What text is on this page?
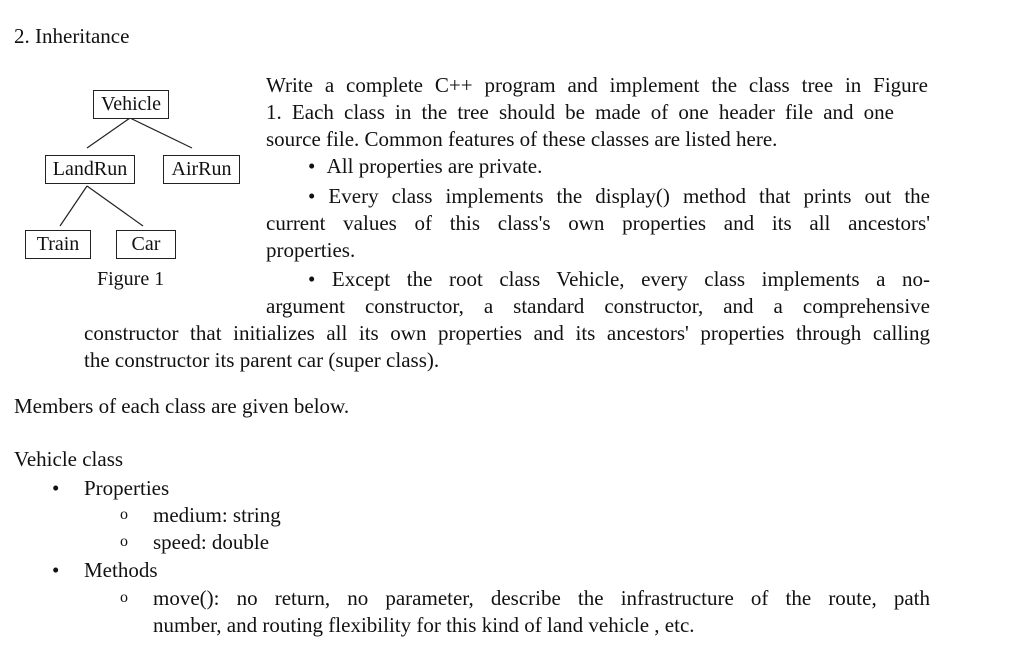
2. Inheritance
Vehicle
LandRun	AirRun
Train	Car
Figure 1
Write a complete C++ program and implement the class tree in Figure
1. Each class in the tree should be made of one header file and one
source file. Common features of these classes are listed here.
• All properties are private.
• Every class implements the display() method that prints out the
current values of this class's own properties and its all ancestors'
properties.
• Except the root class Vehicle, every class implements a no-
argument constructor, a standard constructor, and a comprehensive
constructor that initializes all its own properties and its ancestors' properties through calling
the constructor its parent car (super class).
Members of each class are given below.
Vehicle class
• Properties
o medium: string
o speed: double
• Methods
o move(): no return, no parameter, describe the infrastructure of the route, path
number, and routing flexibility for this kind of land vehicle , etc.
